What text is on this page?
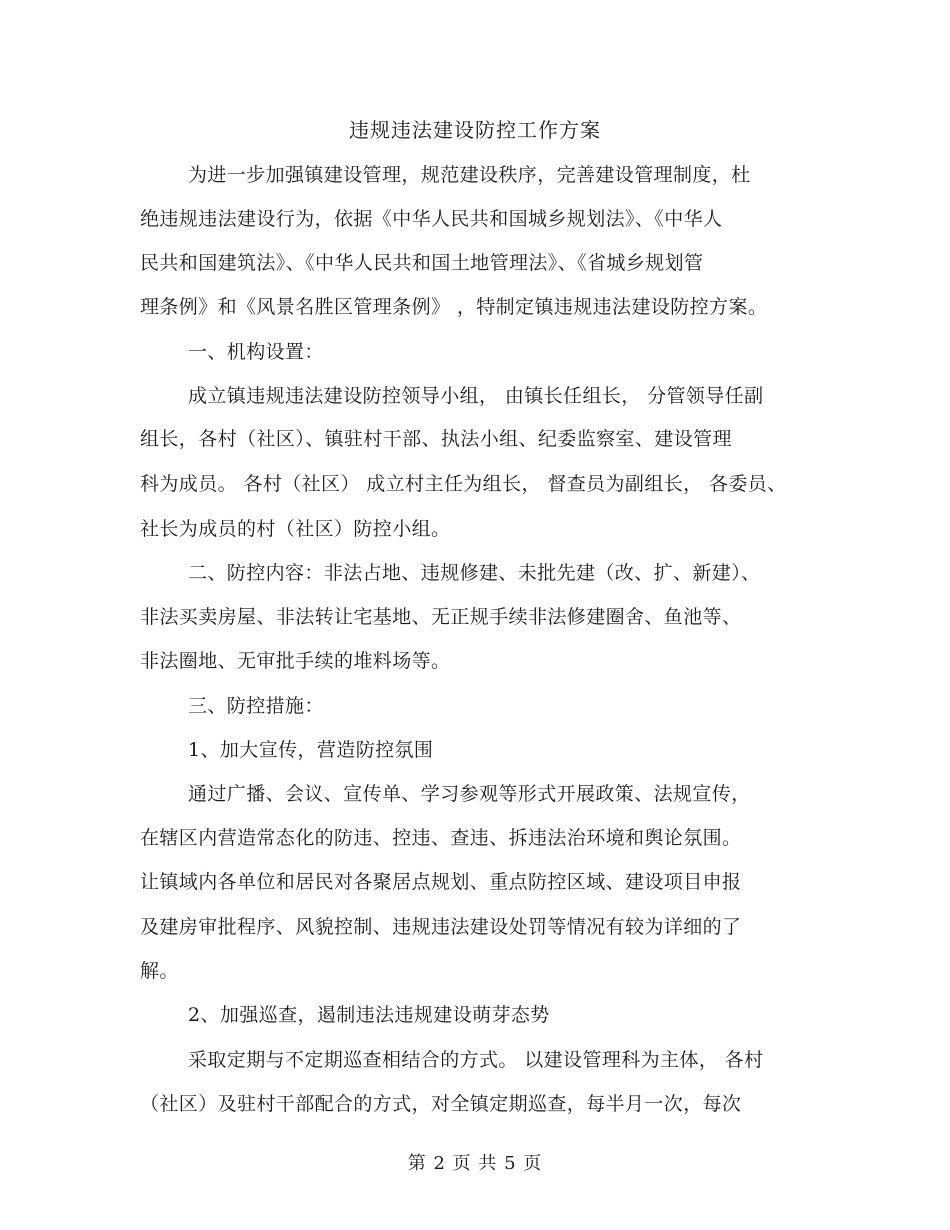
违规违法建设防控工作方案
为进一步加强镇建设管理，规范建设秩序，完善建设管理制度，杜
绝违规违法建设行为，依据《中华人民共和国城乡规划法》、《中华人
民共和国建筑法》、《中华人民共和国土地管理法》、《省城乡规划管
理条例》和《风景名胜区管理条例》 ，特制定镇违规违法建设防控方案。
一、机构设置：
成立镇违规违法建设防控领导小组， 由镇长任组长， 分管领导任副
组长，各村（社区）、镇驻村干部、执法小组、纪委监察室、建设管理
科为成员。 各村（社区） 成立村主任为组长， 督查员为副组长， 各委员、
社长为成员的村（社区）防控小组。
二、防控内容：非法占地、违规修建、未批先建（改、扩、新建）、
非法买卖房屋、非法转让宅基地、无正规手续非法修建圈舍、鱼池等、
非法圈地、无审批手续的堆料场等。
三、防控措施：
1、加大宣传，营造防控氛围
通过广播、会议、宣传单、学习参观等形式开展政策、法规宣传，
在辖区内营造常态化的防违、控违、查违、拆违法治环境和舆论氛围。
让镇域内各单位和居民对各聚居点规划、重点防控区域、建设项目申报
及建房审批程序、风貌控制、违规违法建设处罚等情况有较为详细的了
解。
2、加强巡查，遏制违法违规建设萌芽态势
采取定期与不定期巡查相结合的方式。 以建设管理科为主体， 各村
（社区）及驻村干部配合的方式，对全镇定期巡查，每半月一次，每次
第 2 页 共 5 页
